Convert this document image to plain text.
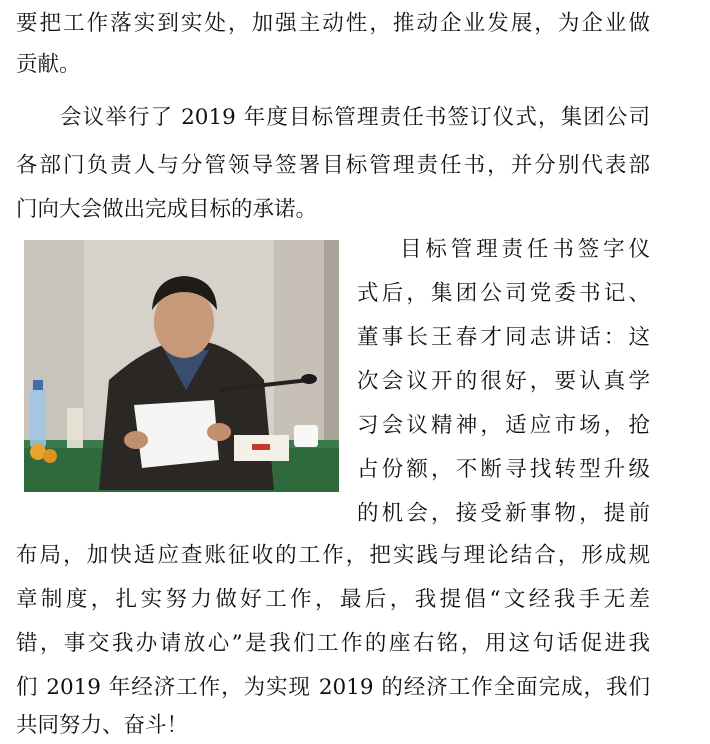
要把工作落实到实处，加强主动性，推动企业发展，为企业做
贡献。
会议举行了 2019 年度目标管理责任书签订仪式，集团公司
各部门负责人与分管领导签署目标管理责任书，并分别代表部
门向大会做出完成目标的承诺。
目标管理责任书签字仪
式后，集团公司党委书记、
董事长王春才同志讲话：这
次会议开的很好，要认真学
习会议精神，适应市场，抢
占份额，不断寻找转型升级
的机会，接受新事物，提前
布局，加快适应查账征收的工作，把实践与理论结合，形成规
章制度，扎实努力做好工作，最后，我提倡“文经我手无差
错，事交我办请放心”是我们工作的座右铭，用这句话促进我
们 2019 年经济工作，为实现 2019 的经济工作全面完成，我们
共同努力、奋斗！
